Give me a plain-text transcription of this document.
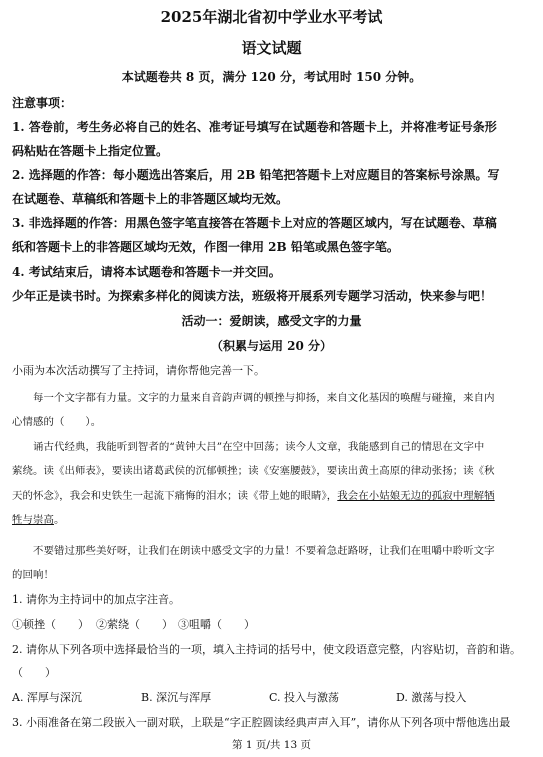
2025年湖北省初中学业水平考试
语文试题
本试题卷共 8 页，满分 120 分，考试用时 150 分钟。
注意事项：
1. 答卷前，考生务必将自己的姓名、准考证号填写在试题卷和答题卡上，并将准考证号条形
码粘贴在答题卡上指定位置。
2. 选择题的作答：每小题选出答案后，用 2B 铅笔把答题卡上对应题目的答案标号涂黑。写
在试题卷、草稿纸和答题卡上的非答题区域均无效。
3. 非选择题的作答：用黑色签字笔直接答在答题卡上对应的答题区域内，写在试题卷、草稿
纸和答题卡上的非答题区域均无效，作图一律用 2B 铅笔或黑色签字笔。
4. 考试结束后，请将本试题卷和答题卡一并交回。
少年正是读书时。为探索多样化的阅读方法，班级将开展系列专题学习活动，快来参与吧！
活动一：爱朗读，感受文字的力量
（积累与运用 20 分）
小雨为本次活动撰写了主持词，请你帮他完善一下。
每一个文字都有力量。文字的力量来自音韵声调的顿挫与抑扬，来自文化基因的唤醒与碰撞，来自内
心情感的（　　）。
诵古代经典，我能听到智者的“黄钟大吕”在空中回荡；读今人文章，我能感到自己的情思在文字中
萦绕。读《出师表》，要读出诸葛武侯的沉郁顿挫；读《安塞腰鼓》，要读出黄土高原的律动张扬；读《秋
天的怀念》，我会和史铁生一起流下痛悔的泪水；读《带上她的眼睛》，我会在小姑娘无边的孤寂中理解牺
牲与崇高。
不要错过那些美好呀，让我们在朗读中感受文字的力量！不要着急赶路呀，让我们在咀嚼中聆听文字
的回响！
1. 请你为主持词中的加点字注音。
①顿挫（　　） ②萦绕（　　） ③咀嚼（　　）
2. 请你从下列各项中选择最恰当的一项，填入主持词的括号中，使文段语意完整，内容贴切，音韵和谐。
（　　）
A. 浑厚与深沉	B. 深沉与浑厚	C. 投入与激荡	D. 激荡与投入
3. 小雨准备在第二段嵌入一副对联，上联是“字正腔圆读经典声声入耳”，请你从下列各项中帮他选出最
第 1 页/共 13 页
